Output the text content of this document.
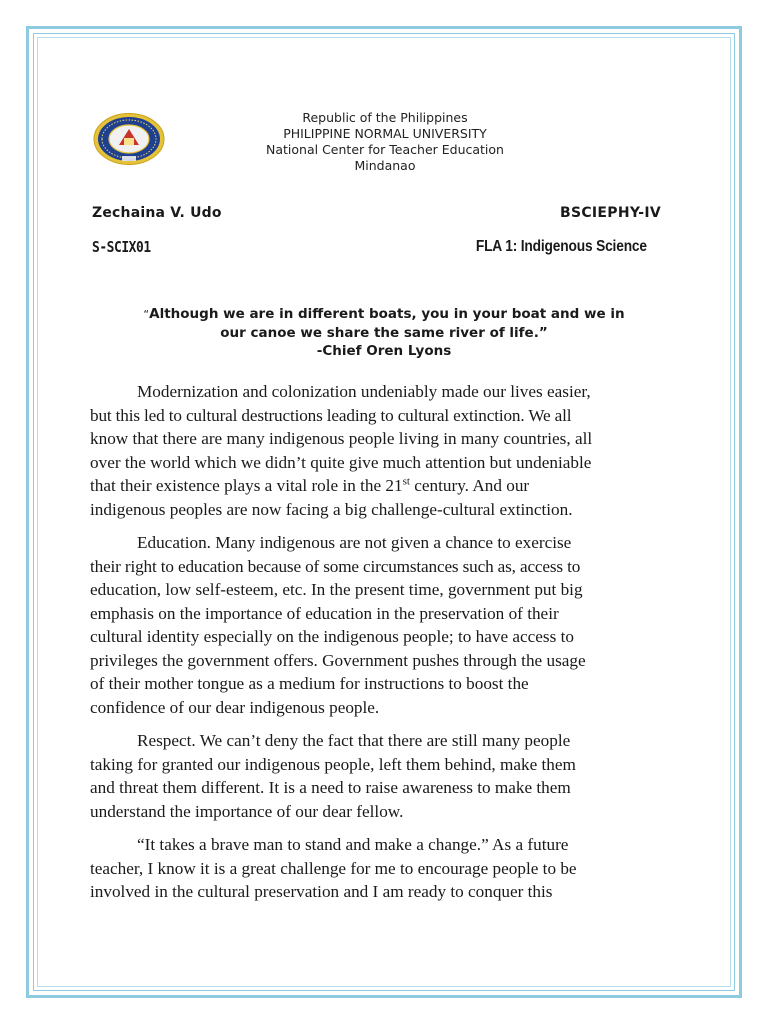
Republic of the Philippines
PHILIPPINE NORMAL UNIVERSITY
National Center for Teacher Education
Mindanao
Zechaina V. Udo	BSCIEPHY-IV
S-SCIX01	FLA 1: Indigenous Science
“Although we are in different boats, you in your boat and we in
our canoe we share the same river of life.”
-Chief Oren Lyons

Modernization and colonization undeniably made our lives easier,
but this led to cultural destructions leading to cultural extinction. We all
know that there are many indigenous people living in many countries, all
over the world which we didn’t quite give much attention but undeniable
that their existence plays a vital role in the 21st century. And our
indigenous peoples are now facing a big challenge-cultural extinction.

Education. Many indigenous are not given a chance to exercise
their right to education because of some circumstances such as, access to
education, low self-esteem, etc. In the present time, government put big
emphasis on the importance of education in the preservation of their
cultural identity especially on the indigenous people; to have access to
privileges the government offers. Government pushes through the usage
of their mother tongue as a medium for instructions to boost the
confidence of our dear indigenous people.

Respect. We can’t deny the fact that there are still many people
taking for granted our indigenous people, left them behind, make them
and threat them different. It is a need to raise awareness to make them
understand the importance of our dear fellow.

“It takes a brave man to stand and make a change.” As a future
teacher, I know it is a great challenge for me to encourage people to be
involved in the cultural preservation and I am ready to conquer this
